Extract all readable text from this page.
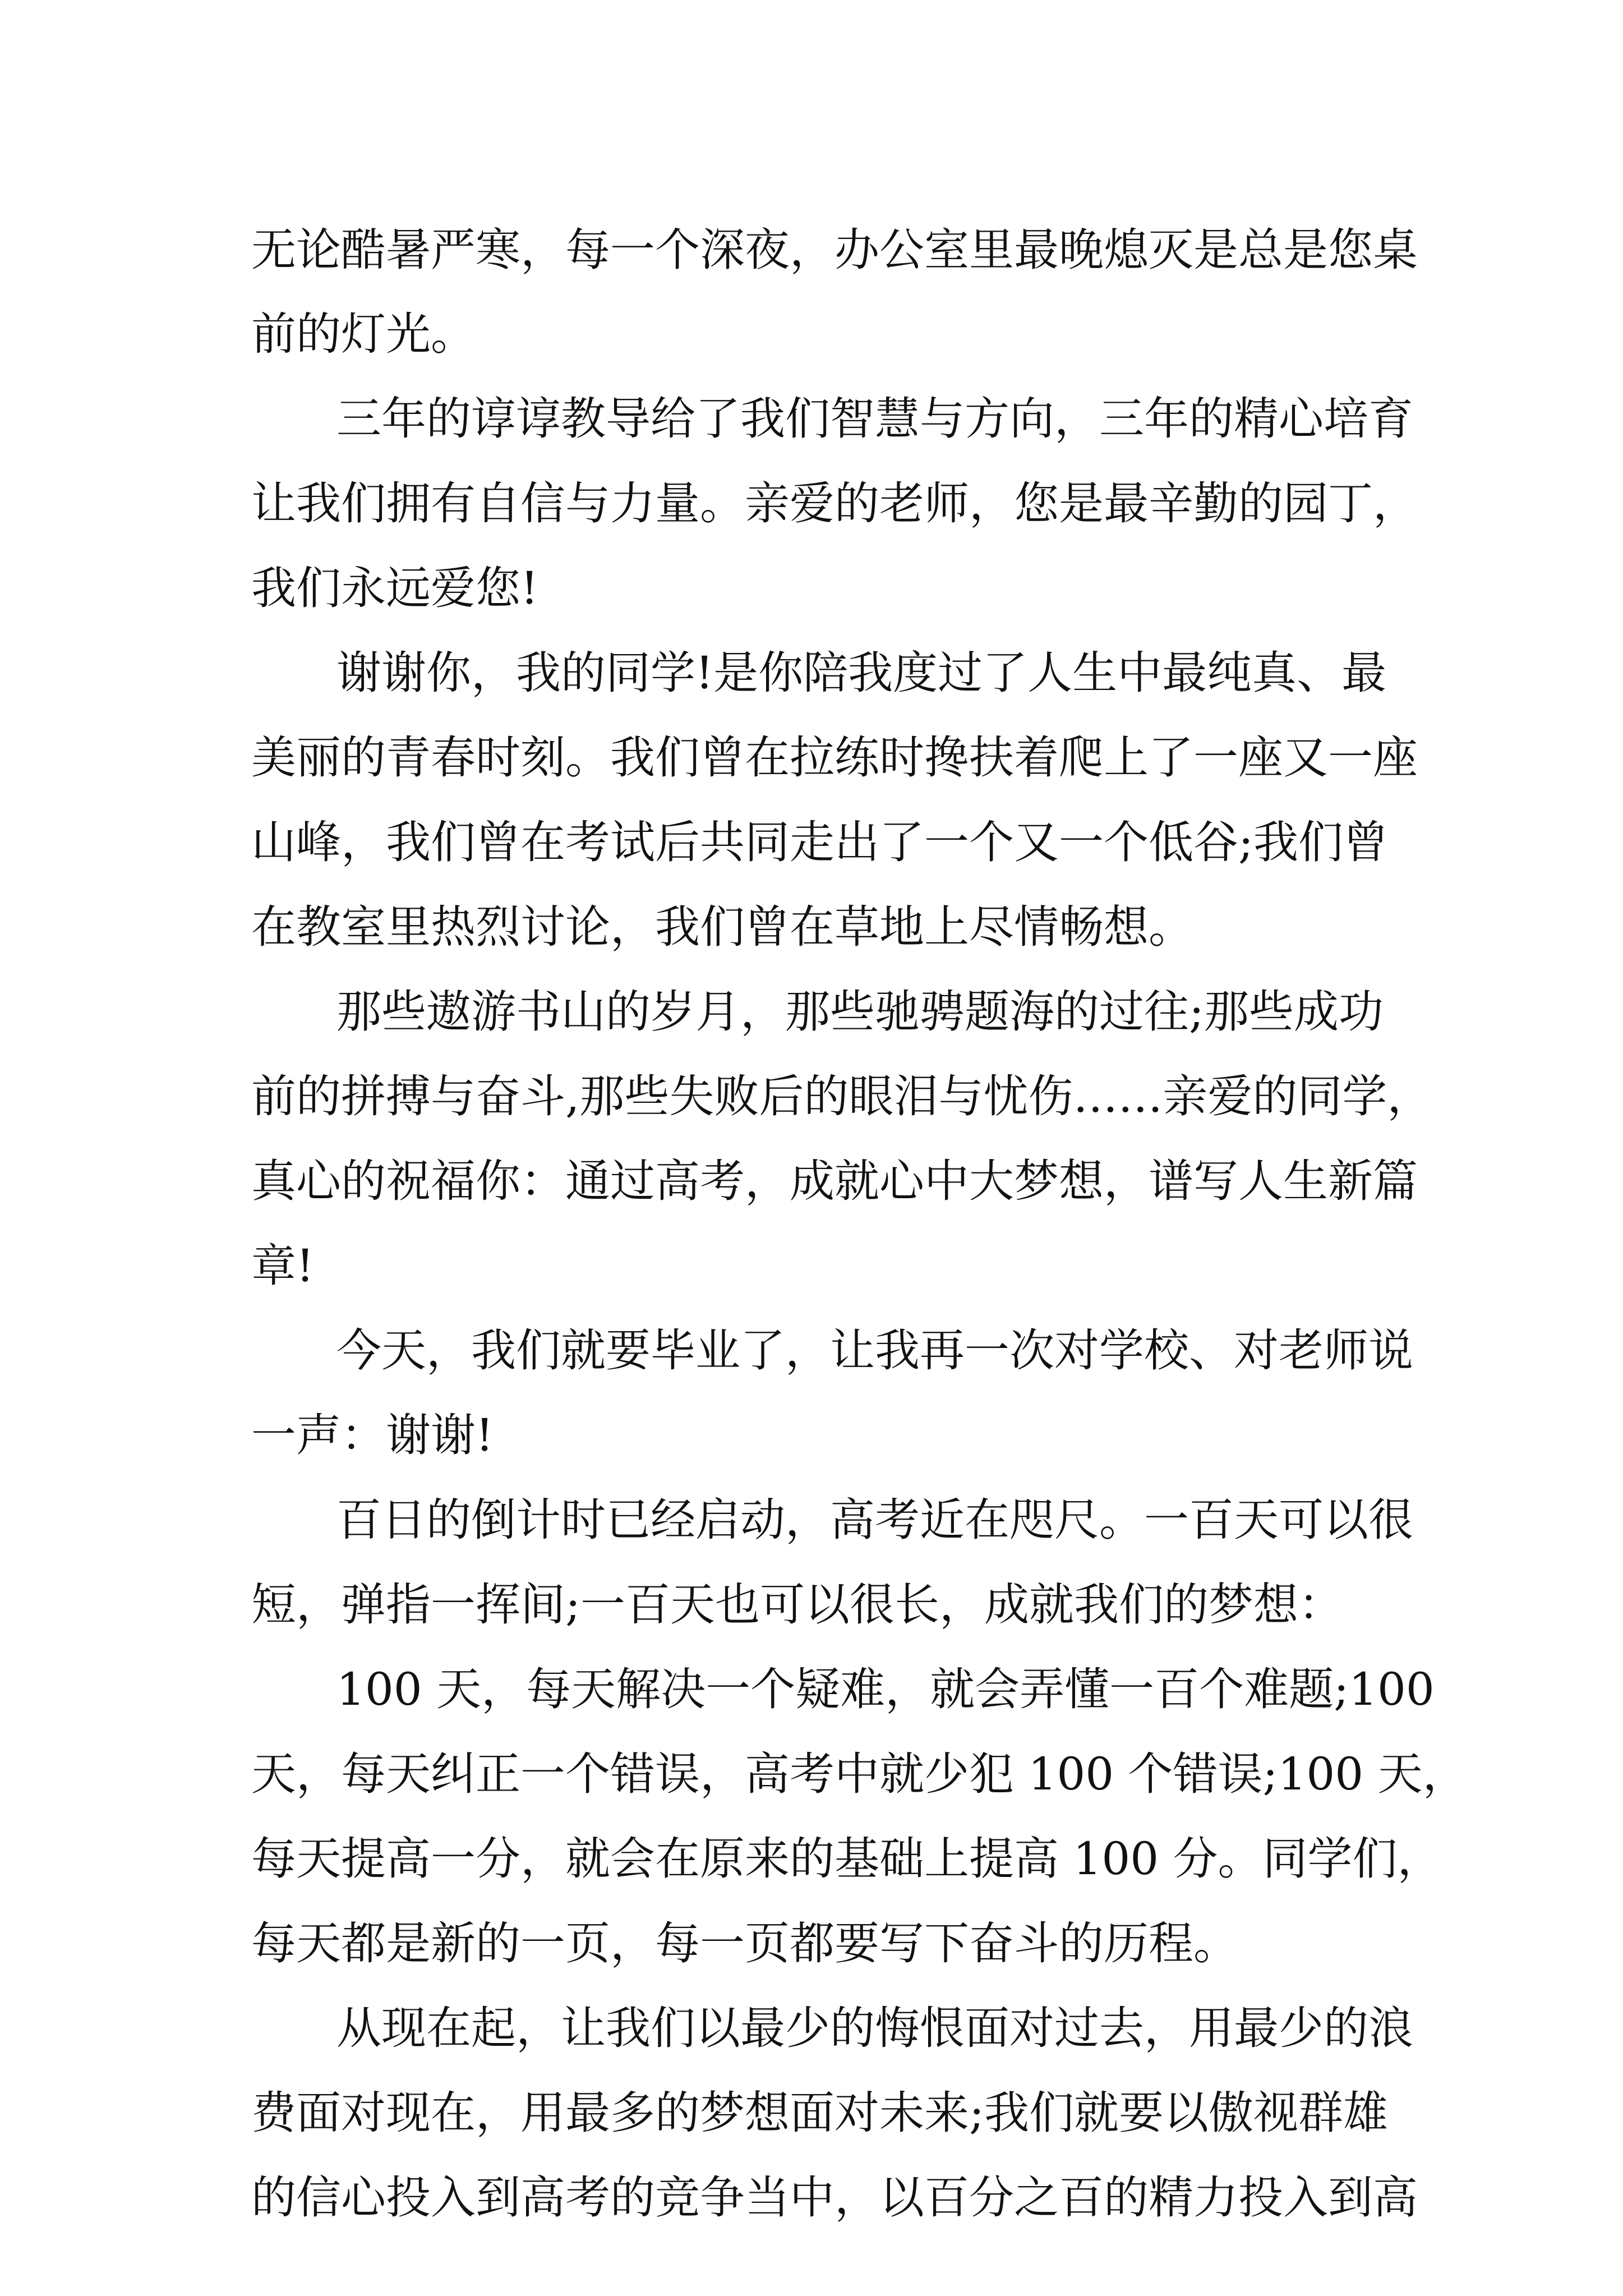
无论酷暑严寒，每一个深夜，办公室里最晚熄灭是总是您桌
前的灯光。
三年的谆谆教导给了我们智慧与方向，三年的精心培育
让我们拥有自信与力量。亲爱的老师，您是最辛勤的园丁，
我们永远爱您!
谢谢你，我的同学!是你陪我度过了人生中最纯真、最
美丽的青春时刻。我们曾在拉练时搀扶着爬上了一座又一座
山峰，我们曾在考试后共同走出了一个又一个低谷;我们曾
在教室里热烈讨论，我们曾在草地上尽情畅想。
那些遨游书山的岁月，那些驰骋题海的过往;那些成功
前的拼搏与奋斗,那些失败后的眼泪与忧伤……亲爱的同学，
真心的祝福你：通过高考，成就心中大梦想，谱写人生新篇
章!
今天，我们就要毕业了，让我再一次对学校、对老师说
一声：谢谢!
百日的倒计时已经启动，高考近在咫尺。一百天可以很
短，弹指一挥间;一百天也可以很长，成就我们的梦想：
100 天，每天解决一个疑难，就会弄懂一百个难题;100
天，每天纠正一个错误，高考中就少犯 100 个错误;100 天，
每天提高一分，就会在原来的基础上提高 100 分。同学们，
每天都是新的一页，每一页都要写下奋斗的历程。
从现在起，让我们以最少的悔恨面对过去，用最少的浪
费面对现在，用最多的梦想面对未来;我们就要以傲视群雄
的信心投入到高考的竞争当中，以百分之百的精力投入到高
